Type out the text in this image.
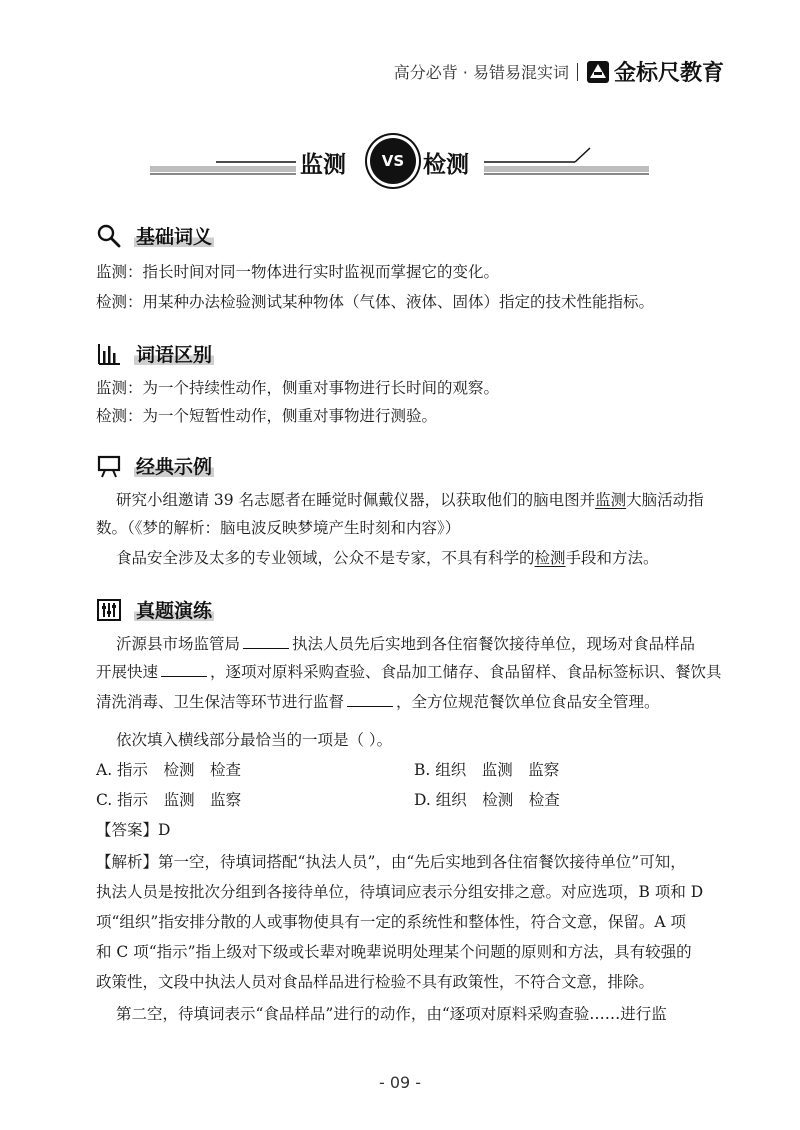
高分必背 · 易错易混实词 金标尺教育
监测	VS 检测
基础词义
监测：指长时间对同一物体进行实时监视而掌握它的变化。
检测：用某种办法检验测试某种物体（气体、液体、固体）指定的技术性能指标。
词语区别
监测：为一个持续性动作，侧重对事物进行长时间的观察。
检测：为一个短暂性动作，侧重对事物进行测验。
经典示例
研究小组邀请 39 名志愿者在睡觉时佩戴仪器，以获取他们的脑电图并监测大脑活动指
数。（《梦的解析：脑电波反映梦境产生时刻和内容》）
食品安全涉及太多的专业领域，公众不是专家，不具有科学的检测手段和方法。
真题演练
沂源县市场监管局	执法人员先后实地到各住宿餐饮接待单位，现场对食品样品
开展快速	，逐项对原料采购查验、食品加工储存、食品留样、食品标签标识、餐饮具
清洗消毒、卫生保洁等环节进行监督	，全方位规范餐饮单位食品安全管理。
依次填入横线部分最恰当的一项是（ ）。
A. 指示　检测　检查	B. 组织　监测　监察
C. 指示　监测　监察	D. 组织　检测　检查
【答案】D
【解析】第一空，待填词搭配“执法人员”，由“先后实地到各住宿餐饮接待单位”可知，
执法人员是按批次分组到各接待单位，待填词应表示分组安排之意。对应选项，B 项和 D
项“组织”指安排分散的人或事物使具有一定的系统性和整体性，符合文意，保留。A 项
和 C 项“指示”指上级对下级或长辈对晚辈说明处理某个问题的原则和方法，具有较强的
政策性，文段中执法人员对食品样品进行检验不具有政策性，不符合文意，排除。
第二空，待填词表示“食品样品”进行的动作，由“逐项对原料采购查验……进行监
- 09 -
